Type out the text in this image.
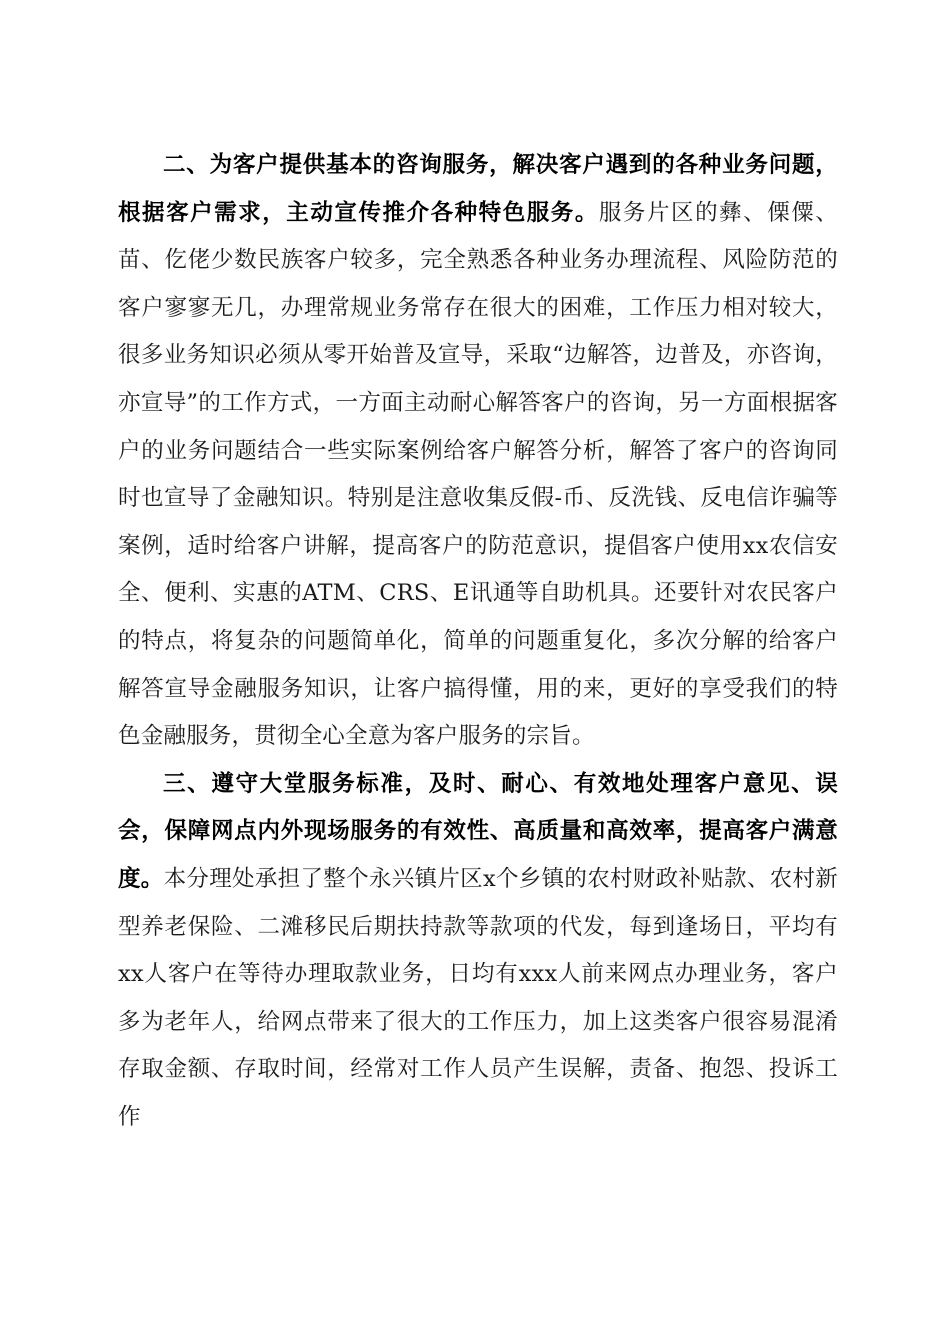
二、为客户提供基本的咨询服务，解决客户遇到的各种业务问题，根据客户需求，主动宣传推介各种特色服务。服务片区的彝、傈僳、苗、仡佬少数民族客户较多，完全熟悉各种业务办理流程、风险防范的客户寥寥无几，办理常规业务常存在很大的困难，工作压力相对较大，很多业务知识必须从零开始普及宣导，采取“边解答，边普及，亦咨询，亦宣导”的工作方式，一方面主动耐心解答客户的咨询，另一方面根据客户的业务问题结合一些实际案例给客户解答分析，解答了客户的咨询同时也宣导了金融知识。特别是注意收集反假-币、反洗钱、反电信诈骗等案例，适时给客户讲解，提高客户的防范意识，提倡客户使用xx农信安全、便利、实惠的ATM、CRS、E讯通等自助机具。还要针对农民客户的特点，将复杂的问题简单化，简单的问题重复化，多次分解的给客户解答宣导金融服务知识，让客户搞得懂，用的来，更好的享受我们的特色金融服务，贯彻全心全意为客户服务的宗旨。

三、遵守大堂服务标准，及时、耐心、有效地处理客户意见、误会，保障网点内外现场服务的有效性、高质量和高效率，提高客户满意度。本分理处承担了整个永兴镇片区x个乡镇的农村财政补贴款、农村新型养老保险、二滩移民后期扶持款等款项的代发，每到逢场日，平均有xx人客户在等待办理取款业务，日均有xxx人前来网点办理业务，客户多为老年人，给网点带来了很大的工作压力，加上这类客户很容易混淆存取金额、存取时间，经常对工作人员产生误解，责备、抱怨、投诉工作
